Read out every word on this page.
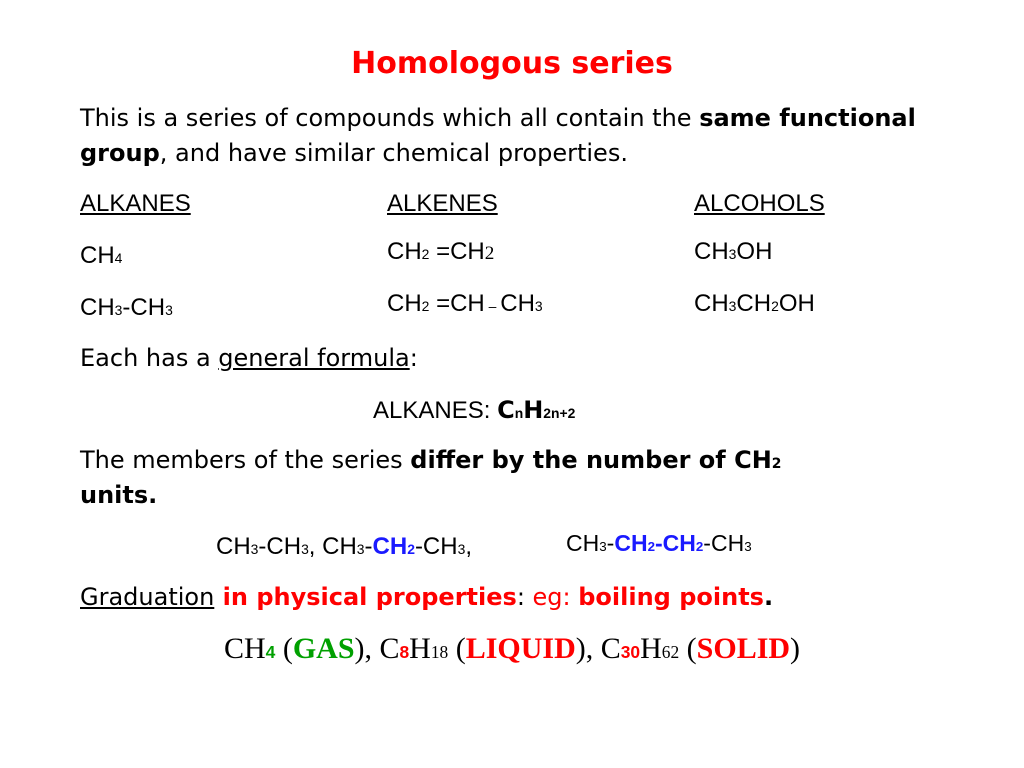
Homologous series
This is a series of compounds which all contain the same functional group, and have similar chemical properties.
ALKANES	ALKENES	ALCOHOLS
CH4	CH2 =CH2	CH3OH
CH3-CH3	CH2 =CH – CH3	CH3CH2OH
Each has a general formula:
ALKANES: CnH2n+2
The members of the series differ by the number of CH2
units.
CH3-CH3, CH3-CH2-CH3,	CH3-CH2-CH2-CH3
Graduation in physical properties: eg: boiling points.
CH4 (GAS), C8H18 (LIQUID), C30H62 (SOLID)
